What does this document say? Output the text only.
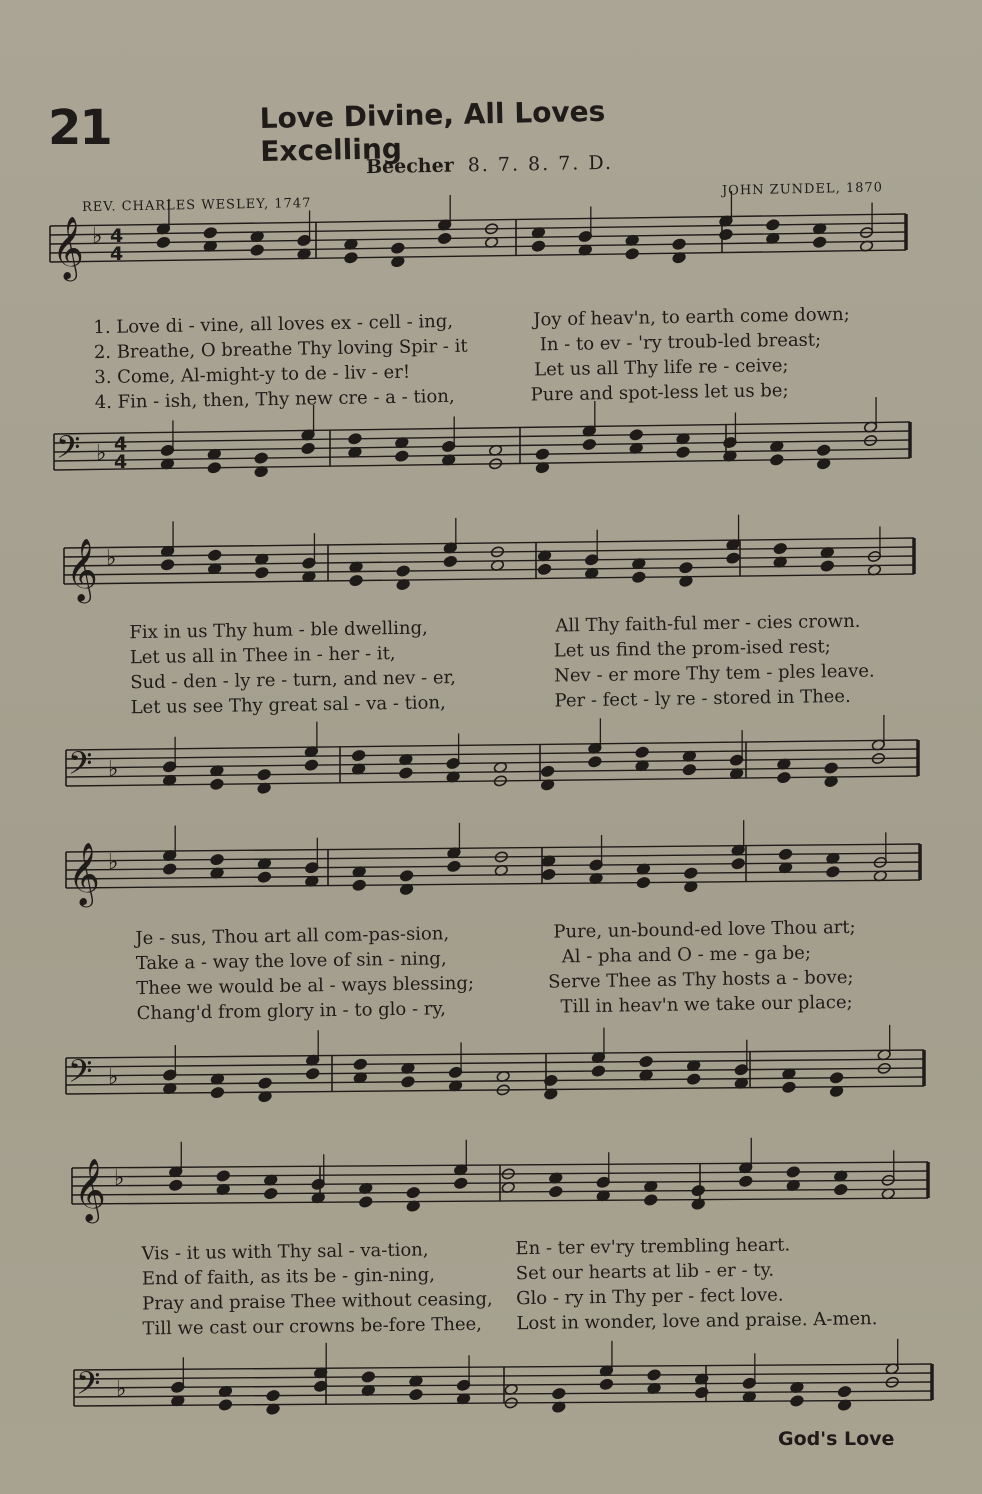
21	Love Divine, All Loves Excelling
Beecher 8. 7. 8. 7. D.
REV. CHARLES WESLEY, 1747
JOHN ZUNDEL, 1870
𝄞 ♭ 4
4
𝄢 ♭ 4
4
𝄞 ♭
𝄢 ♭
𝄞 ♭
𝄢 ♭
𝄞 ♭
𝄢 ♭
1. Love di - vine, all loves ex - cell - ing,	Joy of heav'n, to earth come down;
2. Breathe, O breathe Thy loving Spir - it	In - to ev - 'ry troub-led breast;
3. Come, Al-might-y to de - liv - er!	Let us all Thy life re - ceive;
4. Fin - ish, then, Thy new cre - a - tion,	Pure and spot-less let us be;
Fix in us Thy hum - ble dwelling,	All Thy faith-ful mer - cies crown.
Let us all in Thee in - her - it,	Let us find the prom-ised rest;
Sud - den - ly re - turn, and nev - er,	Nev - er more Thy tem - ples leave.
Let us see Thy great sal - va - tion,	Per - fect - ly re - stored in Thee.
Je - sus, Thou art all com-pas-sion,	Pure, un-bound-ed love Thou art;
Take a - way the love of sin - ning,	Al - pha and O - me - ga be;
Thee we would be al - ways blessing;	Serve Thee as Thy hosts a - bove;
Chang'd from glory in - to glo - ry,	Till in heav'n we take our place;
Vis - it us with Thy sal - va-tion,	En - ter ev'ry trembling heart.
End of faith, as its be - gin-ning,	Set our hearts at lib - er - ty.
Pray and praise Thee without ceasing, Glo - ry in Thy per - fect love.
Till we cast our crowns be-fore Thee, Lost in wonder, love and praise. A-men.
God's Love
